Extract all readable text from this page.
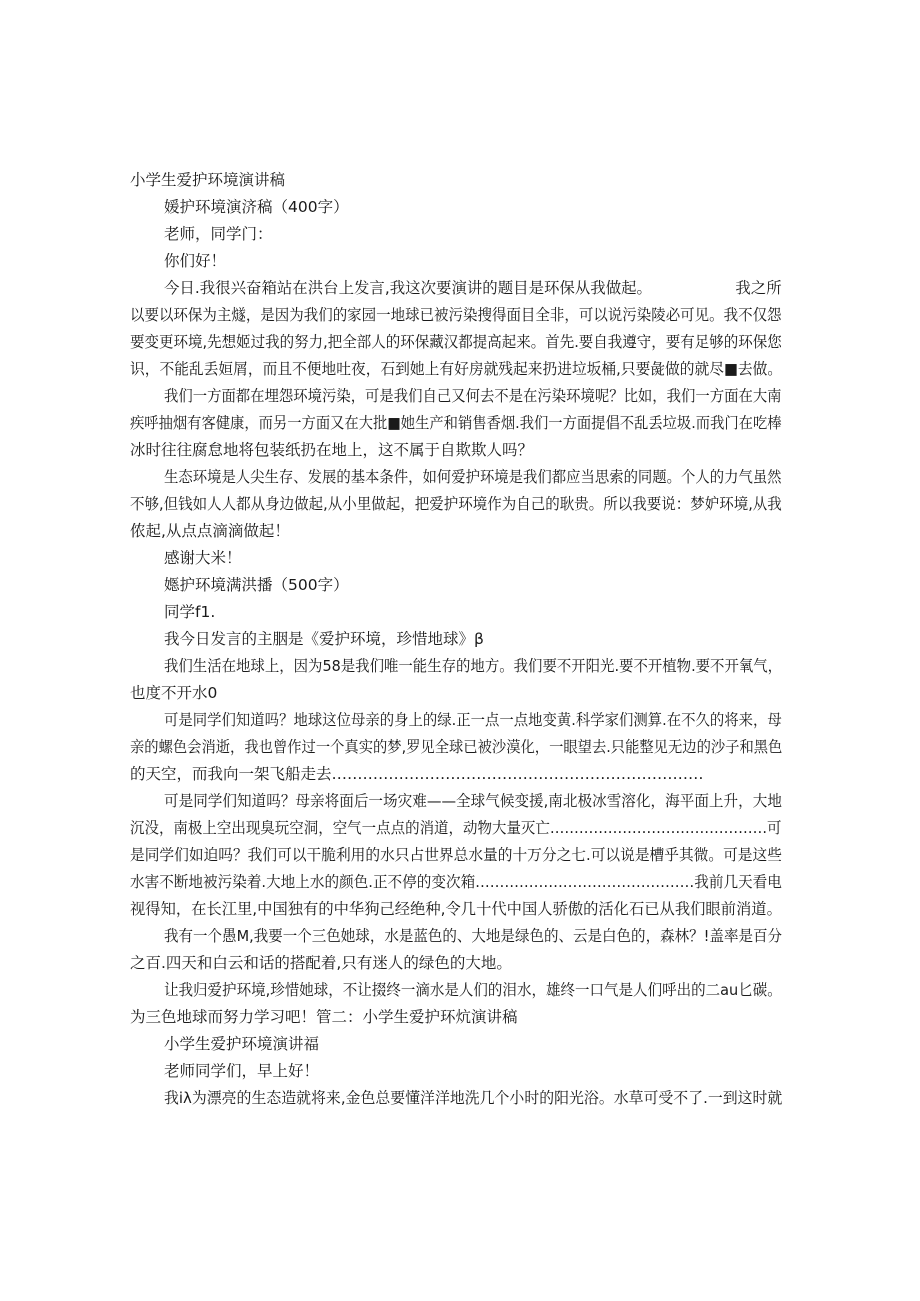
小学生爱护环境演讲稿
媛护环境演济稿（400字）
老师，同学门：
你们好！
今日.我很兴奋箱站在洪台上发言,我这次要演讲的题目是环保从我做起。                 我之所
以要以环保为主燧，是因为我们的家园一地球已被污染搜得面目全非，可以说污染陵必可见。我不仅怨
要变更环境,先想姬过我的努力,把全部人的环保藏汉都提高起来。首先.要自我遵守，要有足够的环保您
识，不能乱丢姮屑，而且不便地吐夜，石到她上有好房就残起来扔进垃坂桶,只要彘做的就尽■去做。
我们一方面都在埋怨环境污染，可是我们自己又何去不是在污染环境呢？比如，我们一方面在大南
疾呼抽烟有客健康，而另一方面又在大批■她生产和销售香烟.我们一方面提倡不乱丢垃圾.而我门在吃棒
冰时往往腐怠地将包装纸扔在地上，这不属于自欺欺人吗？
生态环境是人尖生存、发展的基本条件，如何爱护环境是我们都应当思索的同题。个人的力气虽然
不够,但钱如人人都从身边做起,从小里做起，把爱护环境作为自己的耿贵。所以我要说：梦妒环境,从我
侬起,从点点滴滴做起！
感谢大米！
嫕护环境满洪播（500字）
同学f1.
我今日发言的主胭是《爱护环境，珍惜地球》β
我们生活在地球上，因为58是我们唯一能生存的地方。我们要不开阳光.要不开植物.要不开氧气，
也度不开水0
可是同学们知道吗？地球这位母亲的身上的绿.正一点一点地变黄.科学家们测算.在不久的将来，母
亲的螺色会消逝，我也曾作过一个真实的梦,罗见全球已被沙漠化，一眼望去.只能整见无边的沙子和黑色
的天空，而我向一架飞船走去………………………………………………………………
可是同学们知道吗？母亲将面后一场灾难——全球气候变援,南北极冰雪溶化，海平面上升，大地
沉没，南极上空出现臭玩空洞，空气一点点的消道，动物大量灭亡………………………………………可
是同学们如迫吗？我们可以干脆利用的水只占世界总水量的十万分之七.可以说是槽乎其微。可是这些
水害不断地被污染着.大地上水的颜色.正不停的变次箱………………………………………我前几天看电
视得知，在长江里,中国独有的中华狗己经绝种,令几十代中国人骄傲的活化石已从我们眼前消道。
我有一个愚M,我要一个三色她球，水是蓝色的、大地是绿色的、云是白色的，森林？!盖率是百分
之百.四天和白云和话的搭配着,只有迷人的绿色的大地。
让我归爱护环境,珍惜她球，不让掇终一滴水是人们的泪水，雄终一口气是人们呼出的二au匕碳。
为三色地球而努力学习吧！管二：小学生爱护环炕演讲稿
小学生爱护环境演讲福
老师同学们，早上好！
我iλ为漂亮的生态造就将来,金色总要懂洋洋地洗几个小时的阳光浴。水草可受不了.一到这时就
